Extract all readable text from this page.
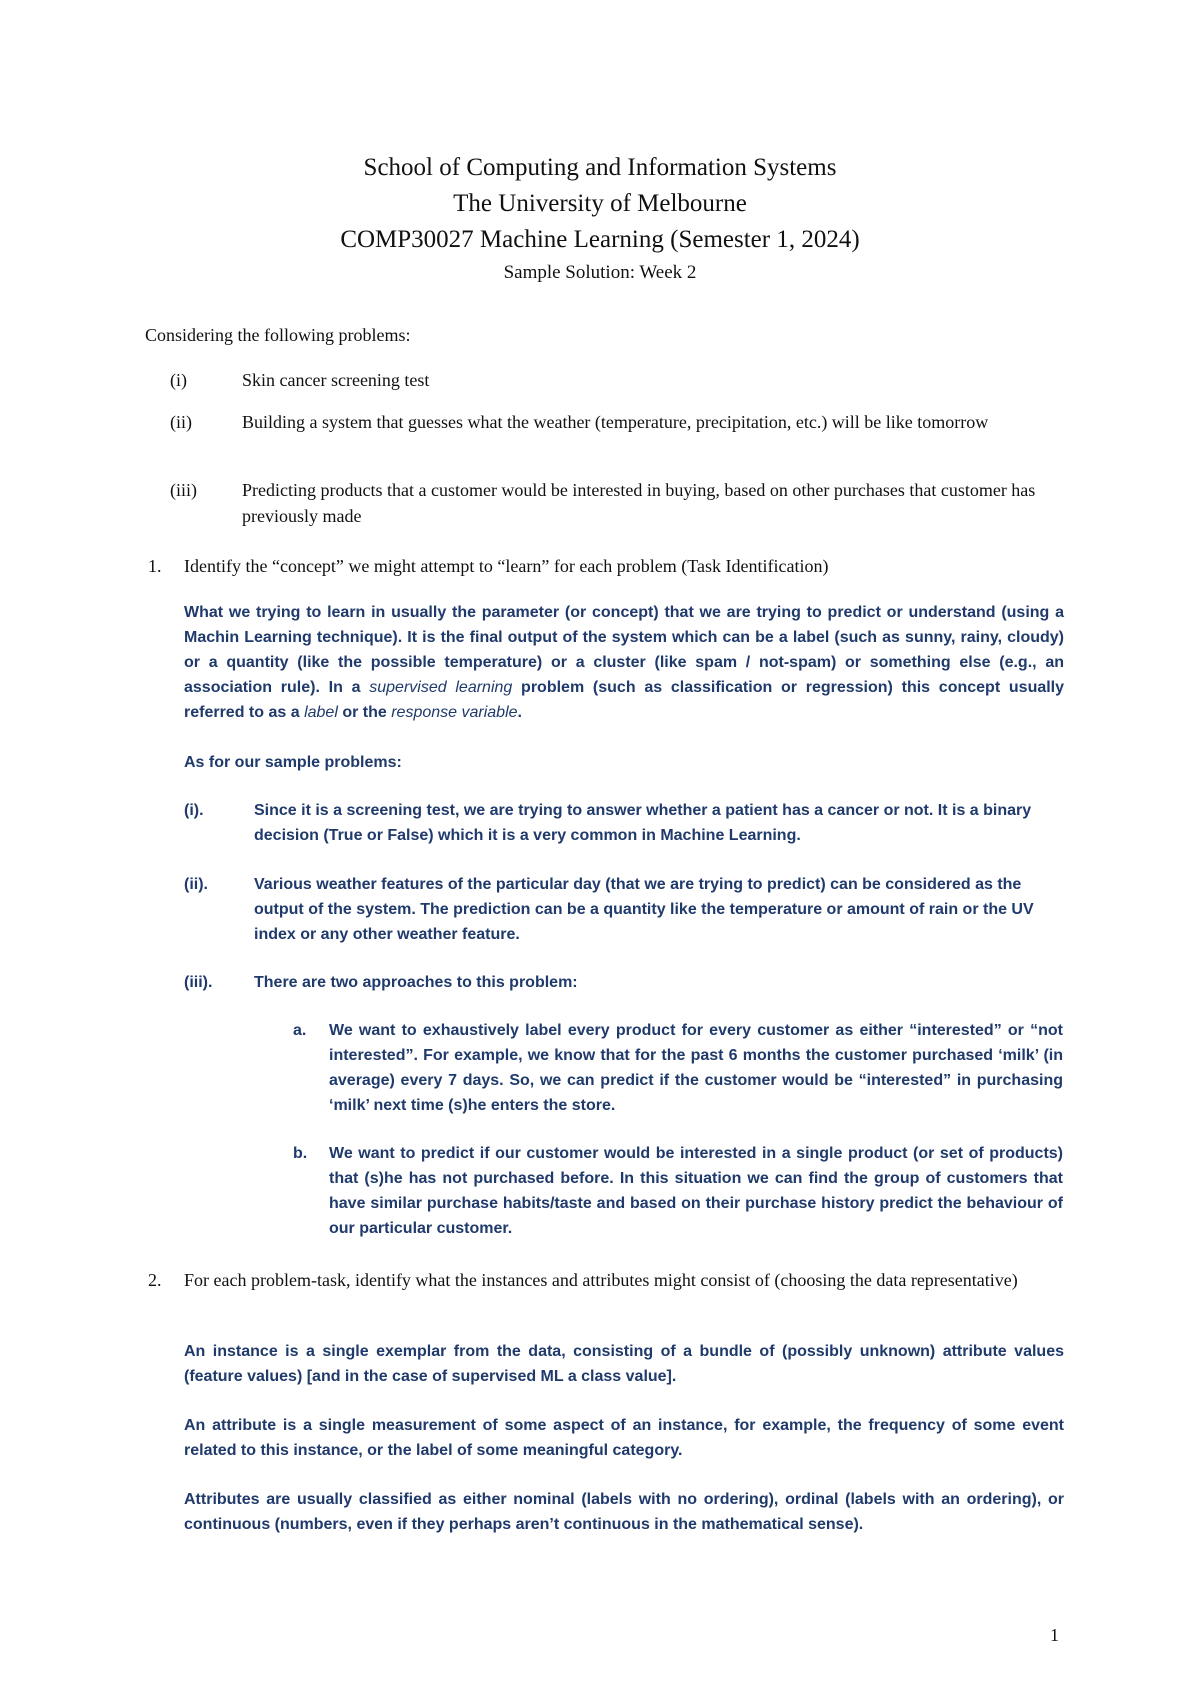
School of Computing and Information Systems
The University of Melbourne
COMP30027 Machine Learning (Semester 1, 2024)
Sample Solution: Week 2
Considering the following problems:
(i)	Skin cancer screening test
(ii)	Building a system that guesses what the weather (temperature, precipitation, etc.) will be like tomorrow
(iii)	Predicting products that a customer would be interested in buying, based on other purchases that customer has previously made
1.	Identify the “concept” we might attempt to “learn” for each problem (Task Identification)
What we trying to learn in usually the parameter (or concept) that we are trying to predict or understand (using a Machin Learning technique). It is the final output of the system which can be a label (such as sunny, rainy, cloudy) or a quantity (like the possible temperature) or a cluster (like spam / not-spam) or something else (e.g., an association rule). In a supervised learning problem (such as classification or regression) this concept usually referred to as a label or the response variable.
As for our sample problems:
(i).	Since it is a screening test, we are trying to answer whether a patient has a cancer or not. It is a binary decision (True or False) which it is a very common in Machine Learning.
(ii).	Various weather features of the particular day (that we are trying to predict) can be considered as the output of the system. The prediction can be a quantity like the temperature or amount of rain or the UV index or any other weather feature.
(iii).	There are two approaches to this problem:
a.	We want to exhaustively label every product for every customer as either “interested” or “not interested”. For example, we know that for the past 6 months the customer purchased ‘milk’ (in average) every 7 days. So, we can predict if the customer would be “interested” in purchasing ‘milk’ next time (s)he enters the store.
b.	We want to predict if our customer would be interested in a single product (or set of products) that (s)he has not purchased before. In this situation we can find the group of customers that have similar purchase habits/taste and based on their purchase history predict the behaviour of our particular customer.
2.	For each problem-task, identify what the instances and attributes might consist of (choosing the data representative)
An instance is a single exemplar from the data, consisting of a bundle of (possibly unknown) attribute values (feature values) [and in the case of supervised ML a class value].
An attribute is a single measurement of some aspect of an instance, for example, the frequency of some event related to this instance, or the label of some meaningful category.
Attributes are usually classified as either nominal (labels with no ordering), ordinal (labels with an ordering), or continuous (numbers, even if they perhaps aren’t continuous in the mathematical sense).
1
